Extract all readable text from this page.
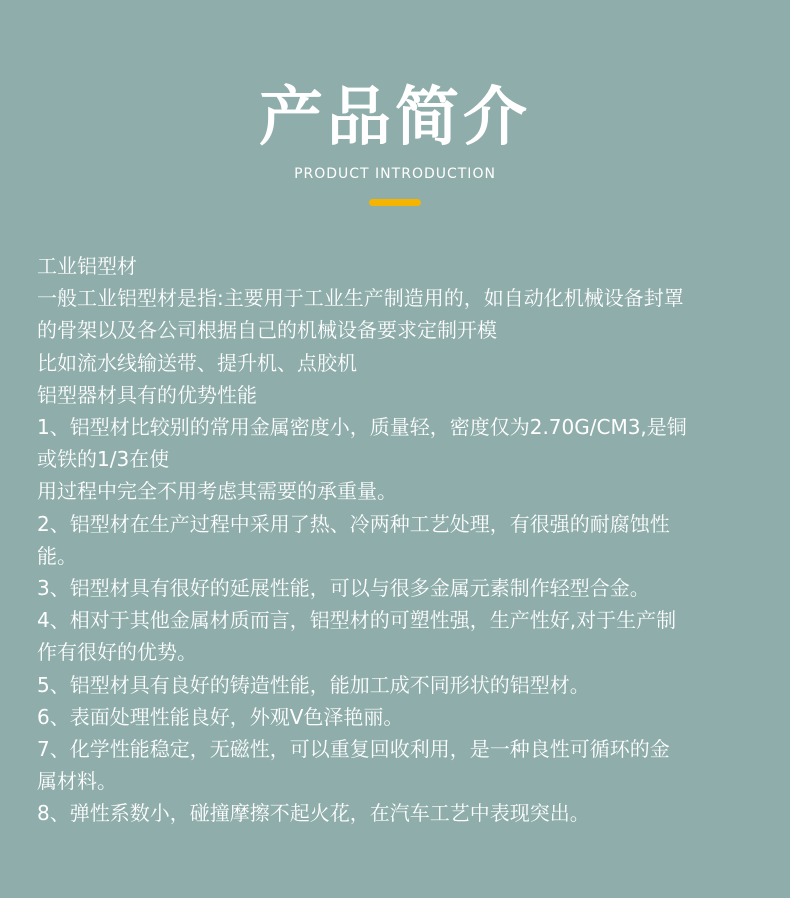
产品简介
PRODUCT INTRODUCTION
工业铝型材
一般工业铝型材是指:主要用于工业生产制造用的，如自动化机械设备封罩
的骨架以及各公司根据自己的机械设备要求定制开模
比如流水线输送带、提升机、点胶机
铝型器材具有的优势性能
1、铝型材比较别的常用金属密度小，质量轻，密度仅为2.70G/CM3,是铜
或铁的1/3在使
用过程中完全不用考虑其需要的承重量。
2、铝型材在生产过程中采用了热、冷两种工艺处理，有很强的耐腐蚀性
能。
3、铝型材具有很好的延展性能，可以与很多金属元素制作轻型合金。
4、相对于其他金属材质而言，铝型材的可塑性强，生产性好,对于生产制
作有很好的优势。
5、铝型材具有良好的铸造性能，能加工成不同形状的铝型材。
6、表面处理性能良好，外观V色泽艳丽。
7、化学性能稳定，无磁性，可以重复回收利用，是一种良性可循环的金
属材料。
8、弹性系数小，碰撞摩擦不起火花，在汽车工艺中表现突出。
